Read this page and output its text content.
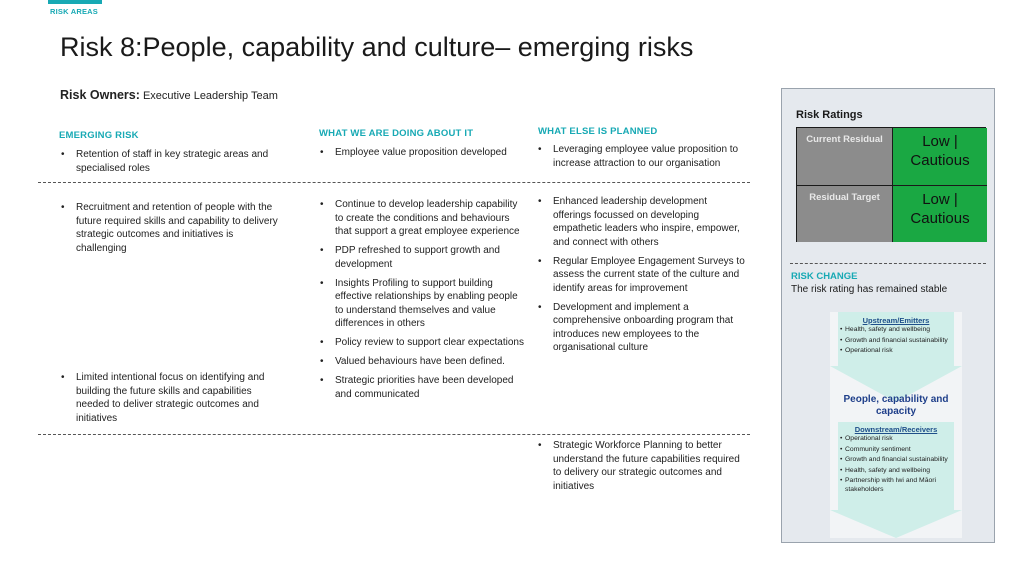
RISK AREAS
Risk 8:People, capability and culture– emerging risks
Risk Owners: Executive Leadership Team
EMERGING RISK	WHAT WE ARE DOING ABOUT IT	WHAT ELSE IS PLANNED
• Retention of staff in key strategic areas and specialised roles
• Employee value proposition developed
•	Leveraging employee value proposition to increase attraction to our organisation
• Recruitment and retention of people with the future required skills and capability to delivery strategic outcomes and initiatives is challenging
• Limited intentional focus on identifying and building the future skills and capabilities needed to deliver strategic outcomes and initiatives
• Continue to develop leadership capability to create the conditions and behaviours that support a great employee experience
• PDP refreshed to support growth and development
• Insights Profiling to support building effective relationships by enabling people to understand themselves and value differences in others
• Policy review to support clear expectations
• Valued behaviours have been defined.
• Strategic priorities have been developed and communicated
• Enhanced leadership development offerings focussed on developing empathetic leaders who inspire, empower, and connect with others
• Regular Employee Engagement Surveys to assess the current state of the culture and identify areas for improvement
• Development and implement a comprehensive onboarding program that introduces new employees to the organisational culture
• Strategic Workforce Planning to better understand the future capabilities required to delivery our strategic outcomes and initiatives
Risk Ratings
Current Residual	Low | Cautious
Residual Target	Low | Cautious
RISK CHANGE
The risk rating has remained stable
Upstream/Emitters
• Health, safety and wellbeing
• Growth and financial sustainability
• Operational risk
People, capability and capacity
Downstream/Receivers
• Operational risk
• Community sentiment
• Growth and financial sustainability
• Health, safety and wellbeing
• Partnership with Iwi and Māori stakeholders
